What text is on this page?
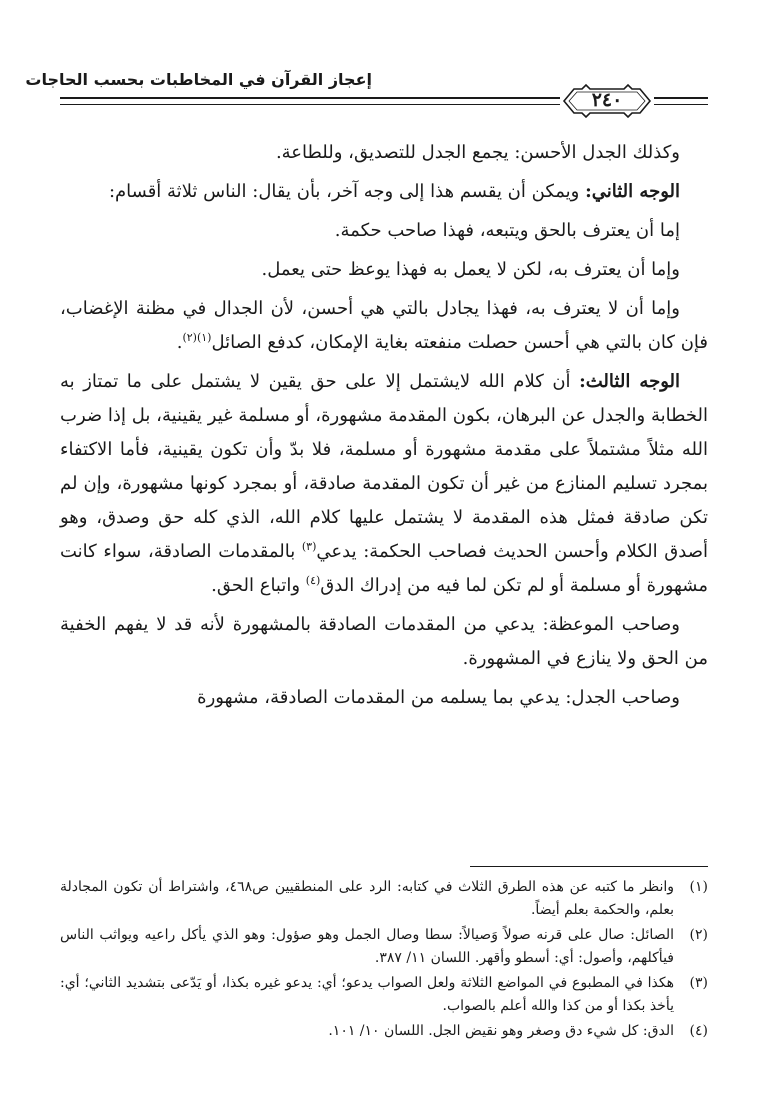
إعجاز القرآن في المخاطبات بحسب الحاجات
٢٤٠

وكذلك الجدل الأحسن: يجمع الجدل للتصديق، وللطاعة.

الوجه الثاني: ويمكن أن يقسم هذا إلى وجه آخر، بأن يقال: الناس ثلاثة أقسام:

إما أن يعترف بالحق ويتبعه، فهذا صاحب حكمة.

وإما أن يعترف به، لكن لا يعمل به فهذا يوعظ حتى يعمل.

وإما أن لا يعترف به، فهذا يجادل بالتي هي أحسن، لأن الجدال في مظنة الإغضاب، فإن كان بالتي هي أحسن حصلت منفعته بغاية الإمكان، كدفع الصائل$^{(١)(٢)}$.

الوجه الثالث: أن كلام الله لايشتمل إلا على حق يقين لا يشتمل على ما تمتاز به الخطابة والجدل عن البرهان، بكون المقدمة مشهورة، أو مسلمة غير يقينية، بل إذا ضرب الله مثلاً مشتملاً على مقدمة مشهورة أو مسلمة، فلا بدّ وأن تكون يقينية، فأما الاكتفاء بمجرد تسليم المنازع من غير أن تكون المقدمة صادقة، أو بمجرد كونها مشهورة، وإن لم تكن صادقة فمثل هذه المقدمة لا يشتمل عليها كلام الله، الذي كله حق وصدق، وهو أصدق الكلام وأحسن الحديث فصاحب الحكمة: يدعي$^{(٣)}$ بالمقدمات الصادقة، سواء كانت مشهورة أو مسلمة أو لم تكن لما فيه من إدراك الدق$^{(٤)}$ واتباع الحق.

وصاحب الموعظة: يدعي من المقدمات الصادقة بالمشهورة لأنه قد لا يفهم الخفية من الحق ولا ينازع في المشهورة.

وصاحب الجدل: يدعي بما يسلمه من المقدمات الصادقة، مشهورة

(١)
وانظر ما كتبه عن هذه الطرق الثلاث في كتابه: الرد على المنطقيين ص٤٦٨، واشتراط أن تكون المجادلة بعلم، والحكمة بعلم أيضاً.
(٢)
الصائل: صال على قرنه صولاً وَصيالاً: سطا وصال الجمل وهو صؤول: وهو الذي يأكل راعيه ويواثب الناس فيأكلهم، وأصول: أي: أسطو وأقهر. اللسان ١١/ ٣٨٧.
(٣)
هكذا في المطبوع في المواضع الثلاثة ولعل الصواب يدعو؛ أي: يدعو غيره بكذا، أو يَدّعى بتشديد الثاني؛ أي: يأخذ بكذا أو من كذا والله أعلم بالصواب.
(٤)
الدق: كل شيء دق وصغر وهو نقيض الجل. اللسان ١٠/ ١٠١.
